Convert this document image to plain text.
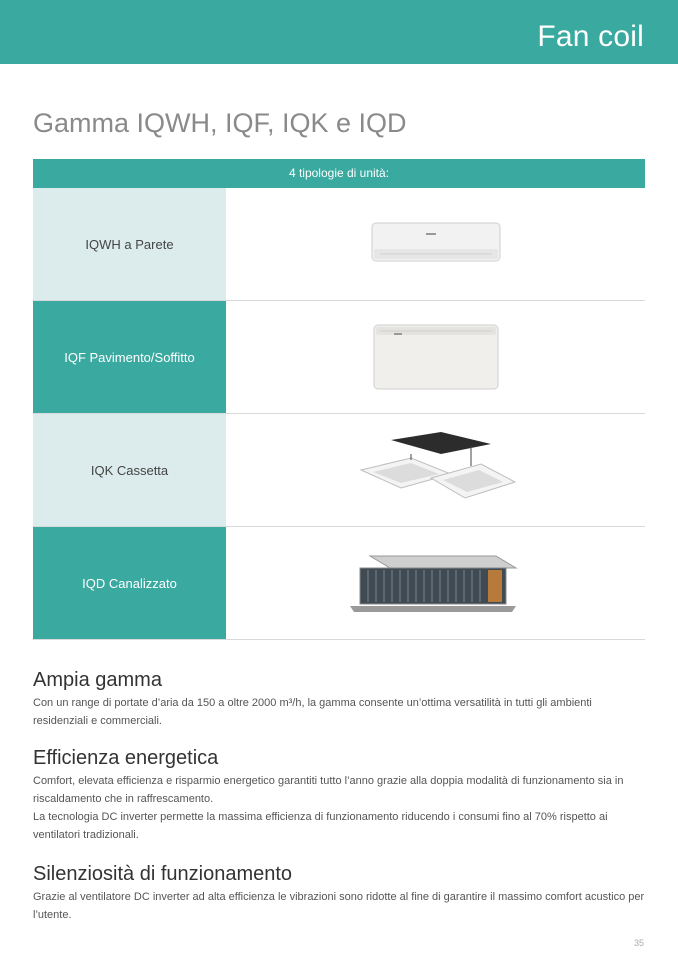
Fan coil
Gamma IQWH, IQF, IQK e IQD
4 tipologie di unità:
IQWH a Parete
IQF Pavimento/Soffitto
IQK Cassetta
IQD Canalizzato
Ampia gamma

Con un range di portate d’aria da 150 a oltre 2000 m³/h, la gamma consente un’ottima versatilità in tutti gli ambienti residenziali e commerciali.

Efficienza energetica

Comfort, elevata efficienza e risparmio energetico garantiti tutto l’anno grazie alla doppia modalità di funzionamento sia in riscaldamento che in raffrescamento.

La tecnologia DC inverter permette la massima efficienza di funzionamento riducendo i consumi fino al 70% rispetto ai ventilatori tradizionali.

Silenziosità di funzionamento

Grazie al ventilatore DC inverter ad alta efficienza le vibrazioni sono ridotte al fine di garantire il massimo comfort acustico per l’utente.

35
